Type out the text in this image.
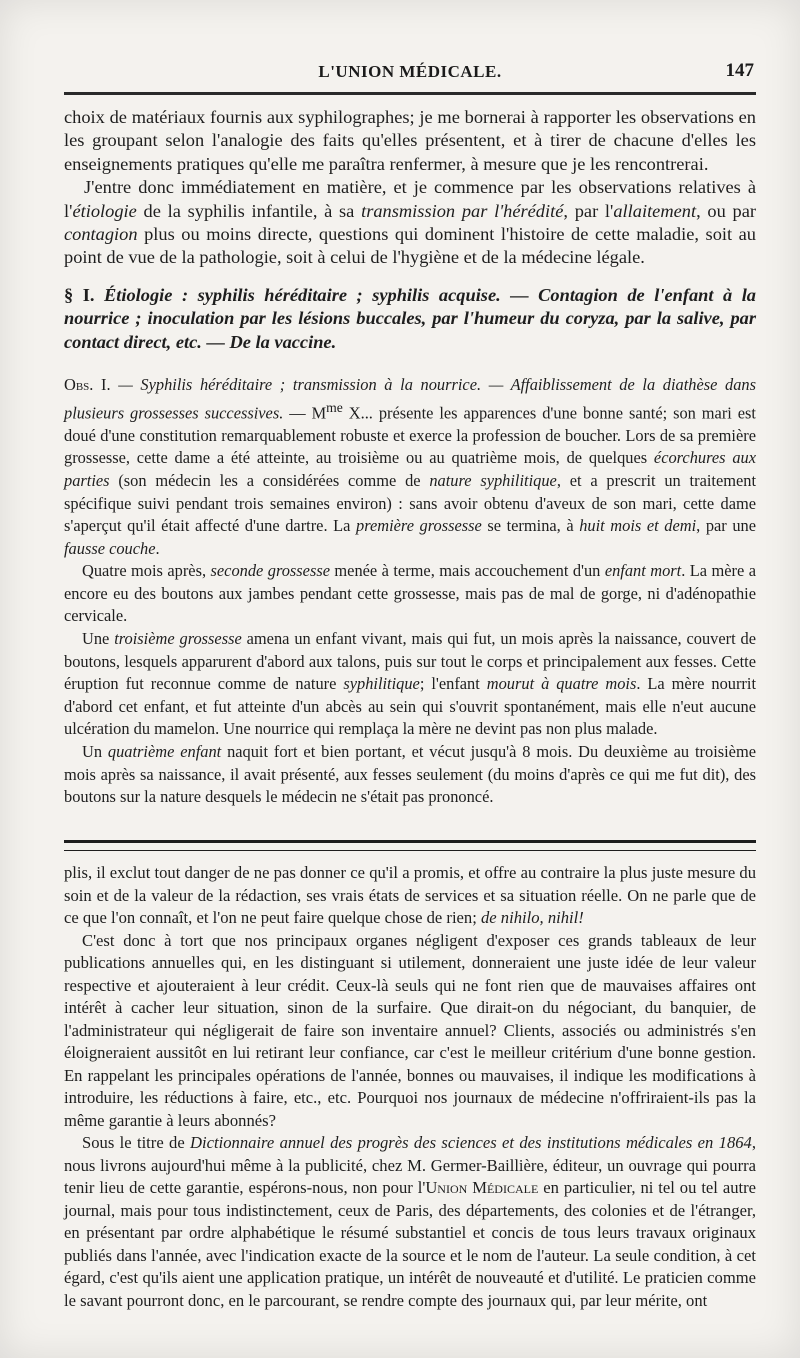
L'UNION MÉDICALE.	147

choix de matériaux fournis aux syphilographes; je me bornerai à rapporter les observations en les groupant selon l'analogie des faits qu'elles présentent, et à tirer de chacune d'elles les enseignements pratiques qu'elle me paraîtra renfermer, à mesure que je les rencontrerai.

J'entre donc immédiatement en matière, et je commence par les observations relatives à l'étiologie de la syphilis infantile, à sa transmission par l'hérédité, par l'allaitement, ou par contagion plus ou moins directe, questions qui dominent l'histoire de cette maladie, soit au point de vue de la pathologie, soit à celui de l'hygiène et de la médecine légale.

§ I. Étiologie : syphilis héréditaire ; syphilis acquise. — Contagion de l'enfant à la nourrice ; inoculation par les lésions buccales, par l'humeur du coryza, par la salive, par contact direct, etc. — De la vaccine.

Obs. I. — Syphilis héréditaire ; transmission à la nourrice. — Affaiblissement de la diathèse dans plusieurs grossesses successives. — $M^{me}$ X... présente les apparences d'une bonne santé; son mari est doué d'une constitution remarquablement robuste et exerce la profession de boucher. Lors de sa première grossesse, cette dame a été atteinte, au troisième ou au quatrième mois, de quelques écorchures aux parties (son médecin les a considérées comme de nature syphilitique, et a prescrit un traitement spécifique suivi pendant trois semaines environ) : sans avoir obtenu d'aveux de son mari, cette dame s'aperçut qu'il était affecté d'une dartre. La première grossesse se termina, à huit mois et demi, par une fausse couche.

Quatre mois après, seconde grossesse menée à terme, mais accouchement d'un enfant mort. La mère a encore eu des boutons aux jambes pendant cette grossesse, mais pas de mal de gorge, ni d'adénopathie cervicale.

Une troisième grossesse amena un enfant vivant, mais qui fut, un mois après la naissance, couvert de boutons, lesquels apparurent d'abord aux talons, puis sur tout le corps et principalement aux fesses. Cette éruption fut reconnue comme de nature syphilitique; l'enfant mourut à quatre mois. La mère nourrit d'abord cet enfant, et fut atteinte d'un abcès au sein qui s'ouvrit spontanément, mais elle n'eut aucune ulcération du mamelon. Une nourrice qui remplaça la mère ne devint pas non plus malade.

Un quatrième enfant naquit fort et bien portant, et vécut jusqu'à 8 mois. Du deuxième au troisième mois après sa naissance, il avait présenté, aux fesses seulement (du moins d'après ce qui me fut dit), des boutons sur la nature desquels le médecin ne s'était pas prononcé.

plis, il exclut tout danger de ne pas donner ce qu'il a promis, et offre au contraire la plus juste mesure du soin et de la valeur de la rédaction, ses vrais états de services et sa situation réelle. On ne parle que de ce que l'on connaît, et l'on ne peut faire quelque chose de rien; de nihilo, nihil!

C'est donc à tort que nos principaux organes négligent d'exposer ces grands tableaux de leur publications annuelles qui, en les distinguant si utilement, donneraient une juste idée de leur valeur respective et ajouteraient à leur crédit. Ceux-là seuls qui ne font rien que de mauvaises affaires ont intérêt à cacher leur situation, sinon de la surfaire. Que dirait-on du négociant, du banquier, de l'administrateur qui négligerait de faire son inventaire annuel? Clients, associés ou administrés s'en éloigneraient aussitôt en lui retirant leur confiance, car c'est le meilleur critérium d'une bonne gestion. En rappelant les principales opérations de l'année, bonnes ou mauvaises, il indique les modifications à introduire, les réductions à faire, etc., etc. Pourquoi nos journaux de médecine n'offriraient-ils pas la même garantie à leurs abonnés?

Sous le titre de Dictionnaire annuel des progrès des sciences et des institutions médicales en 1864, nous livrons aujourd'hui même à la publicité, chez M. Germer-Baillière, éditeur, un ouvrage qui pourra tenir lieu de cette garantie, espérons-nous, non pour l'Union Médicale en particulier, ni tel ou tel autre journal, mais pour tous indistinctement, ceux de Paris, des départements, des colonies et de l'étranger, en présentant par ordre alphabétique le résumé substantiel et concis de tous leurs travaux originaux publiés dans l'année, avec l'indication exacte de la source et le nom de l'auteur. La seule condition, à cet égard, c'est qu'ils aient une application pratique, un intérêt de nouveauté et d'utilité. Le praticien comme le savant pourront donc, en le parcourant, se rendre compte des journaux qui, par leur mérite, ont
